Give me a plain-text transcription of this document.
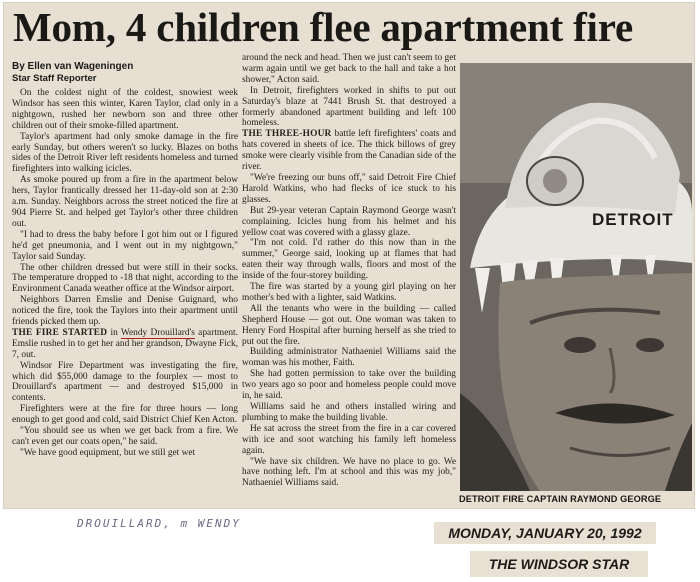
Mom, 4 children flee apartment fire
By Ellen van Wageningen
Star Staff Reporter

On the coldest night of the coldest, snowiest week Windsor has seen this winter, Karen Taylor, clad only in a nightgown, rushed her newborn son and three other children out of their smoke-filled apartment.

Taylor's apartment had only smoke damage in the fire early Sunday, but others weren't so lucky. Blazes on boths sides of the Detroit River left residents homeless and turned firefighters into walking icicles.

As smoke poured up from a fire in the apartment below hers, Taylor frantically dressed her 11-day-old son at 2:30 a.m. Sunday. Neighbors across the street noticed the fire at 904 Pierre St. and helped get Taylor's other three children out.

"I had to dress the baby before I got him out or I figured he'd get pneumonia, and I went out in my nightgown," Taylor said Sunday.

The other children dressed but were still in their socks. The temperature dropped to -18 that night, according to the Environment Canada weather office at the Windsor airport.

Neighbors Darren Emslie and Denise Guignard, who noticed the fire, took the Taylors into their apartment until friends picked them up.

THE FIRE STARTED in Wendy Drouillard's apartment. Emslie rushed in to get her and her grandson, Dwayne Fick, 7, out.

Windsor Fire Department was investigating the fire, which did $55,000 damage to the fourplex — most to Drouillard's apartment — and destroyed $15,000 in contents.

Firefighters were at the fire for three hours — long enough to get good and cold, said District Chief Ken Acton.

"You should see us when we get back from a fire. We can't even get our coats open," he said.

"We have good equipment, but we still get wet

around the neck and head. Then we just can't seem to get warm again until we get back to the hall and take a hot shower," Acton said.

In Detroit, firefighters worked in shifts to put out Saturday's blaze at 7441 Brush St. that destroyed a formerly abandoned apartment building and left 100 homeless.

THE THREE-HOUR battle left firefighters' coats and hats covered in sheets of ice. The thick billows of grey smoke were clearly visible from the Canadian side of the river.

"We're freezing our buns off," said Detroit Fire Chief Harold Watkins, who had flecks of ice stuck to his glasses.

But 29-year veteran Captain Raymond George wasn't complaining. Icicles hung from his helmet and his yellow coat was covered with a glassy glaze.

"I'm not cold. I'd rather do this now than in the summer," George said, looking up at flames that had eaten their way through walls, floors and most of the inside of the four-storey building.

The fire was started by a young girl playing on her mother's bed with a lighter, said Watkins.

All the tenants who were in the building — called Shepherd House — got out. One woman was taken to Henry Ford Hospital after burning herself as she tried to put out the fire.

Building administrator Nathaeniel Williams said the woman was his mother, Faith.

She had gotten permission to take over the building two years ago so poor and homeless people could move in, he said.

Williams said he and others installed wiring and plumbing to make the building livable.

He sat across the street from the fire in a car covered with ice and soot watching his family left homeless again.

"We have six children. We have no place to go. We have nothing left. I'm at school and this was my job," Nathaeniel Williams said.

DETROIT
DETROIT FIRE CAPTAIN RAYMOND GEORGE
DROUILLARD, m WENDY
MONDAY, JANUARY 20, 1992
THE WINDSOR STAR
